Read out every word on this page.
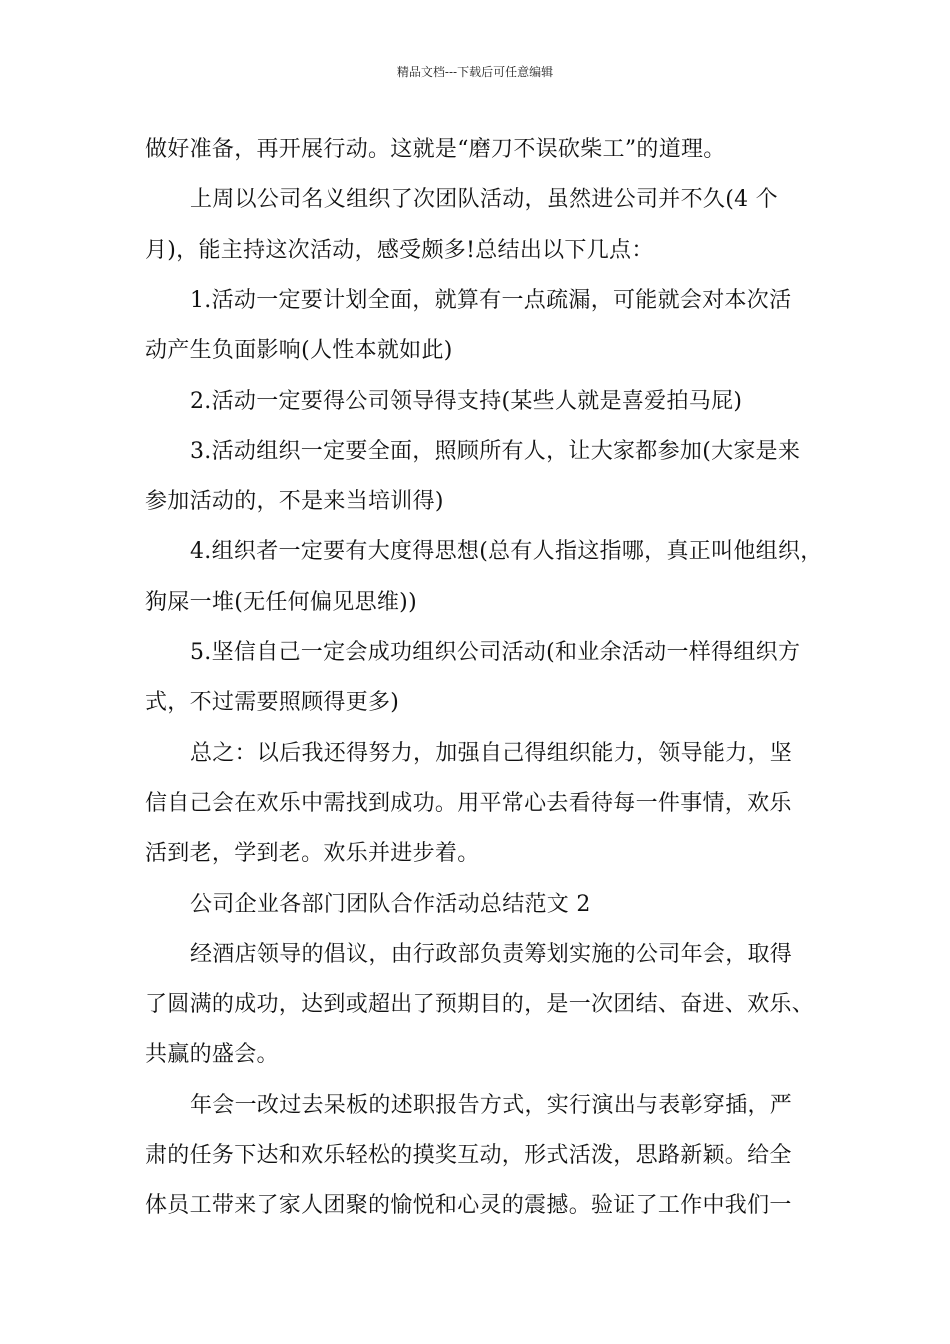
精品文档---下载后可任意编辑
做好准备，再开展行动。这就是“磨刀不误砍柴工”的道理。
上周以公司名义组织了次团队活动，虽然进公司并不久(4 个
月)，能主持这次活动，感受颇多!总结出以下几点：
1.活动一定要计划全面，就算有一点疏漏，可能就会对本次活
动产生负面影响(人性本就如此)
2.活动一定要得公司领导得支持(某些人就是喜爱拍马屁)
3.活动组织一定要全面，照顾所有人，让大家都参加(大家是来
参加活动的，不是来当培训得)
4.组织者一定要有大度得思想(总有人指这指哪，真正叫他组织，
狗屎一堆(无任何偏见思维))
5.坚信自己一定会成功组织公司活动(和业余活动一样得组织方
式，不过需要照顾得更多)
总之：以后我还得努力，加强自己得组织能力，领导能力，坚
信自己会在欢乐中需找到成功。用平常心去看待每一件事情，欢乐
活到老，学到老。欢乐并进步着。
公司企业各部门团队合作活动总结范文 2
经酒店领导的倡议，由行政部负责筹划实施的公司年会，取得
了圆满的成功，达到或超出了预期目的，是一次团结、奋进、欢乐、
共赢的盛会。
年会一改过去呆板的述职报告方式，实行演出与表彰穿插，严
肃的任务下达和欢乐轻松的摸奖互动，形式活泼，思路新颖。给全
体员工带来了家人团聚的愉悦和心灵的震撼。验证了工作中我们一
